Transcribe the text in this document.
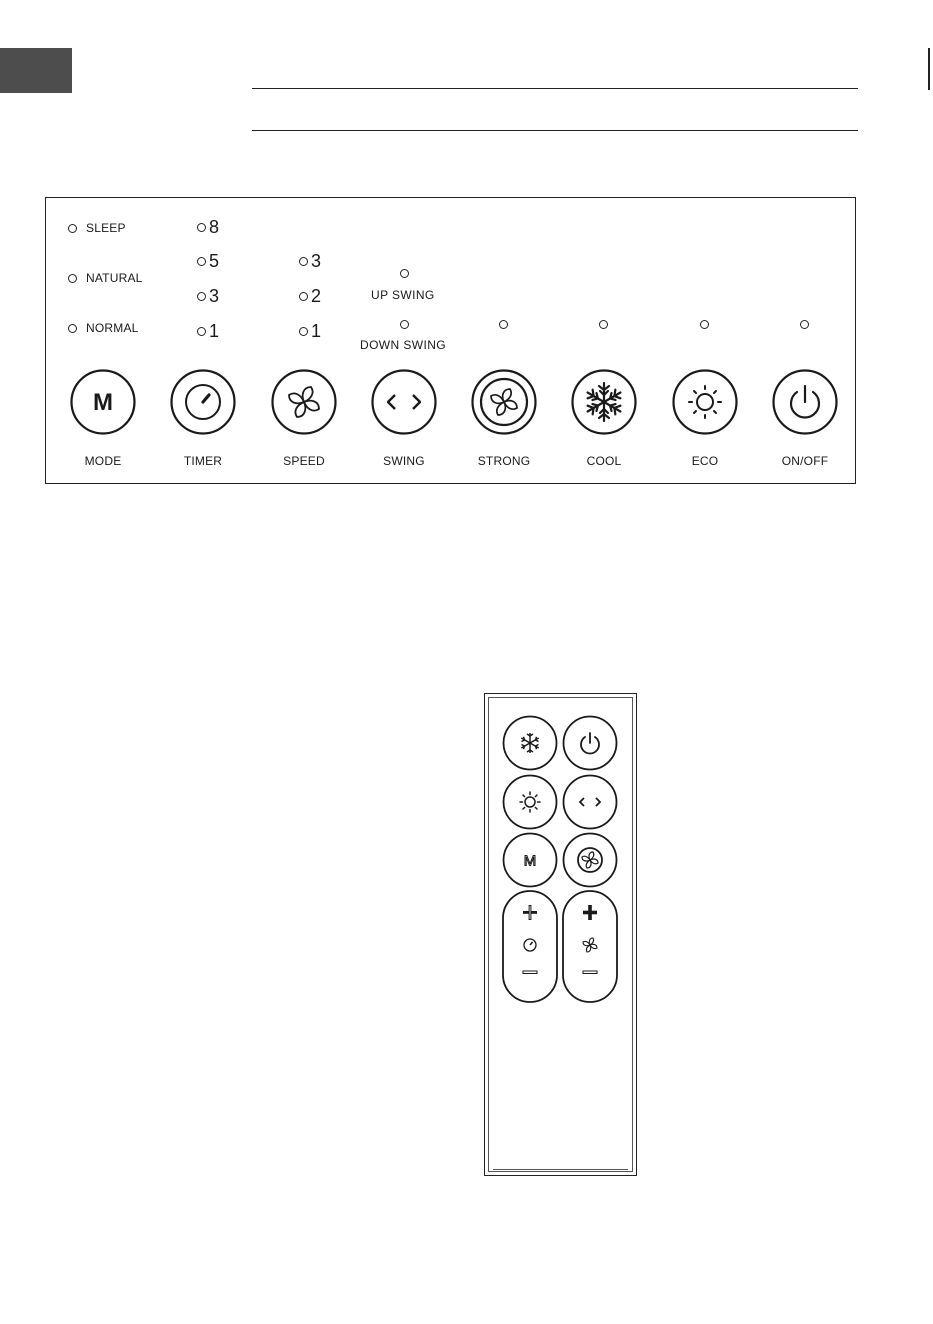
SLEEP
NATURAL
NORMAL
8
5
3
1
3
2
1
UP SWING
DOWN SWING
M
MODE	TIMER	SPEED	SWING	STRONG	COOL	ECO	ON/OFF
M
